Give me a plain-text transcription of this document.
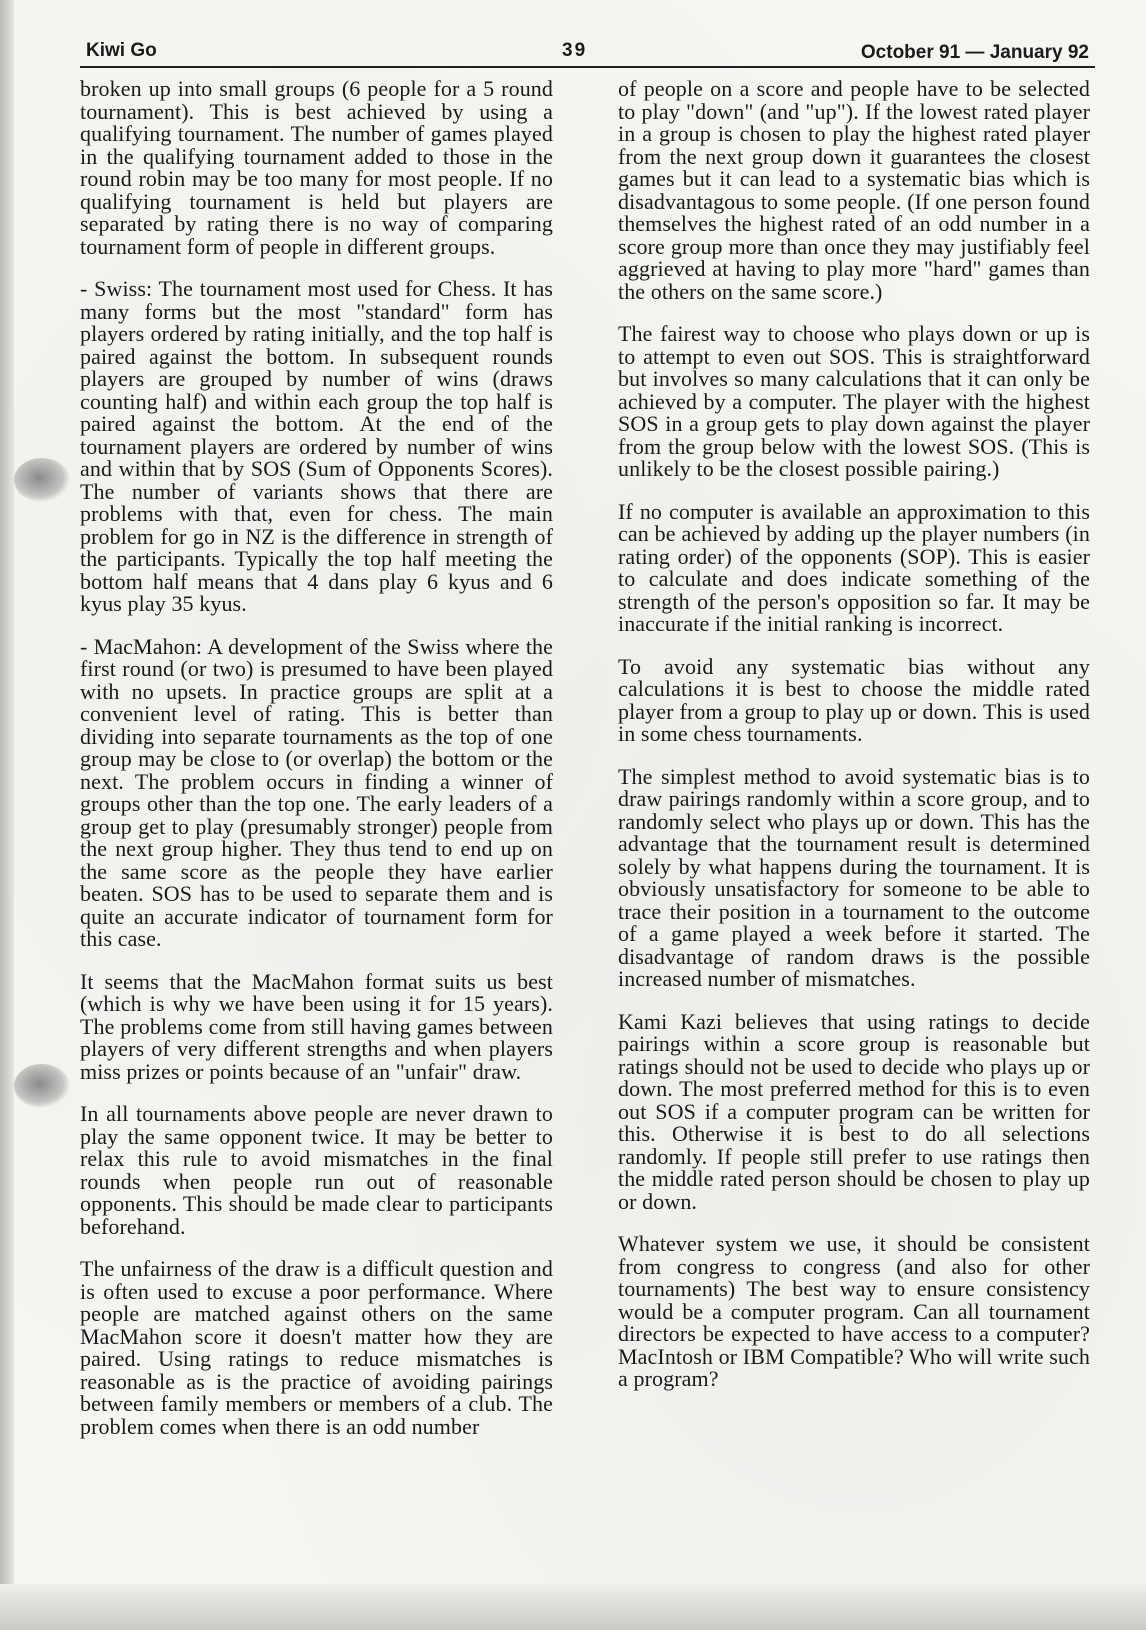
Kiwi Go	39	October 91 — January 92

broken up into small groups (6 people for a 5 round tournament). This is best achieved by using a qualifying tournament. The number of games played in the qualifying tournament added to those in the round robin may be too many for most people. If no qualifying tournament is held but players are separated by rating there is no way of comparing tournament form of people in different groups.

- Swiss: The tournament most used for Chess. It has many forms but the most "standard" form has players ordered by rating initially, and the top half is paired against the bottom. In subsequent rounds players are grouped by number of wins (draws counting half) and within each group the top half is paired against the bottom. At the end of the tournament players are ordered by number of wins and within that by SOS (Sum of Opponents Scores). The number of variants shows that there are problems with that, even for chess. The main problem for go in NZ is the difference in strength of the participants. Typically the top half meeting the bottom half means that 4 dans play 6 kyus and 6 kyus play 35 kyus.

- MacMahon: A development of the Swiss where the first round (or two) is presumed to have been played with no upsets. In practice groups are split at a convenient level of rating. This is better than dividing into separate tournaments as the top of one group may be close to (or overlap) the bottom or the next. The problem occurs in finding a winner of groups other than the top one. The early leaders of a group get to play (presumably stronger) people from the next group higher. They thus tend to end up on the same score as the people they have earlier beaten. SOS has to be used to separate them and is quite an accurate indicator of tournament form for this case.

It seems that the MacMahon format suits us best (which is why we have been using it for 15 years). The problems come from still having games between players of very different strengths and when players miss prizes or points because of an "unfair" draw.

In all tournaments above people are never drawn to play the same opponent twice. It may be better to relax this rule to avoid mismatches in the final rounds when people run out of reasonable opponents. This should be made clear to participants beforehand.

The unfairness of the draw is a difficult question and is often used to excuse a poor performance. Where people are matched against others on the same MacMahon score it doesn't matter how they are paired. Using ratings to reduce mismatches is reasonable as is the practice of avoiding pairings between family members or members of a club. The problem comes when there is an odd number

of people on a score and people have to be selected to play "down" (and "up"). If the lowest rated player in a group is chosen to play the highest rated player from the next group down it guarantees the closest games but it can lead to a systematic bias which is disadvantagous to some people. (If one person found themselves the highest rated of an odd number in a score group more than once they may justifiably feel aggrieved at having to play more "hard" games than the others on the same score.)

The fairest way to choose who plays down or up is to attempt to even out SOS. This is straightforward but involves so many calculations that it can only be achieved by a computer. The player with the highest SOS in a group gets to play down against the player from the group below with the lowest SOS. (This is unlikely to be the closest possible pairing.)

If no computer is available an approximation to this can be achieved by adding up the player numbers (in rating order) of the opponents (SOP). This is easier to calculate and does indicate something of the strength of the person's opposition so far. It may be inaccurate if the initial ranking is incorrect.

To avoid any systematic bias without any calculations it is best to choose the middle rated player from a group to play up or down. This is used in some chess tournaments.

The simplest method to avoid systematic bias is to draw pairings randomly within a score group, and to randomly select who plays up or down. This has the advantage that the tournament result is determined solely by what happens during the tournament. It is obviously unsatisfactory for someone to be able to trace their position in a tournament to the outcome of a game played a week before it started. The disadvantage of random draws is the possible increased number of mismatches.

Kami Kazi believes that using ratings to decide pairings within a score group is reasonable but ratings should not be used to decide who plays up or down. The most preferred method for this is to even out SOS if a computer program can be written for this. Otherwise it is best to do all selections randomly. If people still prefer to use ratings then the middle rated person should be chosen to play up or down.

Whatever system we use, it should be consistent from congress to congress (and also for other tournaments) The best way to ensure consistency would be a computer program. Can all tournament directors be expected to have access to a computer? MacIntosh or IBM Compatible? Who will write such a program?
